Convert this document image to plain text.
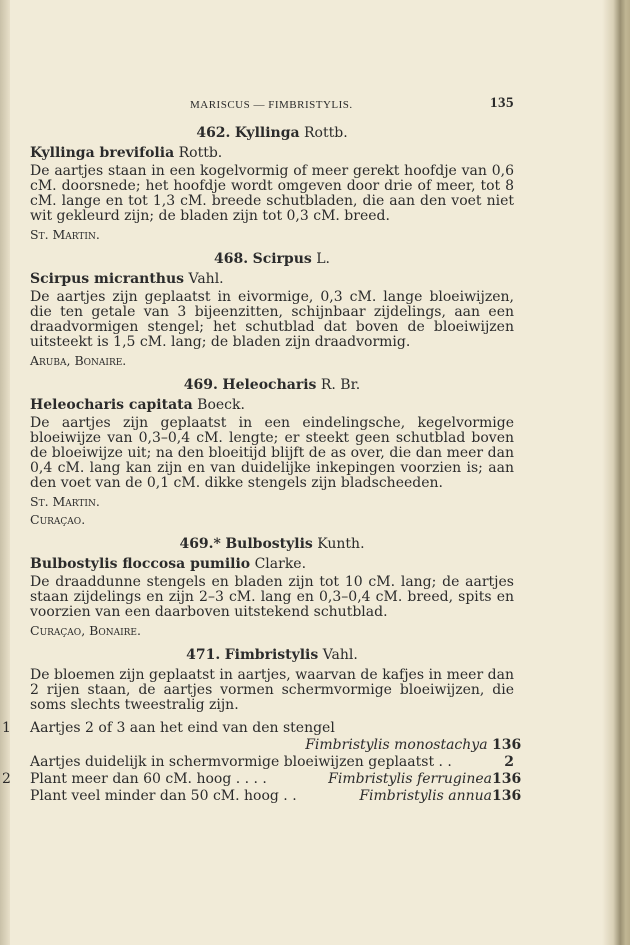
MARISCUS — FIMBRISTYLIS.	135
462. Kyllinga Rottb.
Kyllinga brevifolia Rottb.

De aartjes staan in een kogelvormig of meer gerekt hoofdje van 0,6 cM. doorsnede; het hoofdje wordt omgeven door drie of meer, tot 8 cM. lange en tot 1,3 cM. breede schutbladen, die aan den voet niet wit gekleurd zijn; de bladen zijn tot 0,3 cM. breed.

St. Martin.
468. Scirpus L.
Scirpus micranthus Vahl.

De aartjes zijn geplaatst in eivormige, 0,3 cM. lange bloeiwijzen, die ten getale van 3 bijeenzitten, schijnbaar zijdelings, aan een draadvormigen stengel; het schutblad dat boven de bloeiwijzen uitsteekt is 1,5 cM. lang; de bladen zijn draadvormig.

Aruba, Bonaire.
469. Heleocharis R. Br.
Heleocharis capitata Boeck.

De aartjes zijn geplaatst in een eindelingsche, kegelvormige bloeiwijze van 0,3–0,4 cM. lengte; er steekt geen schutblad boven de bloeiwijze uit; na den bloeitijd blijft de as over, die dan meer dan 0,4 cM. lang kan zijn en van duidelijke inkepingen voorzien is; aan den voet van de 0,1 cM. dikke stengels zijn bladscheeden.

St. Martin.
Curaçao.
469.* Bulbostylis Kunth.
Bulbostylis floccosa pumilio Clarke.

De draaddunne stengels en bladen zijn tot 10 cM. lang; de aartjes staan zijdelings en zijn 2–3 cM. lang en 0,3–0,4 cM. breed, spits en voorzien van een daarboven uitstekend schutblad.

Curaçao, Bonaire.
471. Fimbristylis Vahl.

De bloemen zijn geplaatst in aartjes, waarvan de kafjes in meer dan 2 rijen staan, de aartjes vormen schermvormige bloeiwijzen, die soms slechts tweestralig zijn.

1 Aartjes 2 of 3 aan het eind van den stengel
Fimbristylis monostachya 136
Aartjes duidelijk in schermvormige bloeiwijzen geplaatst . .	2
2 Plant meer dan 60 cM. hoog . . . .	Fimbristylis ferruginea136
Plant veel minder dan 50 cM. hoog . .	Fimbristylis annua136
